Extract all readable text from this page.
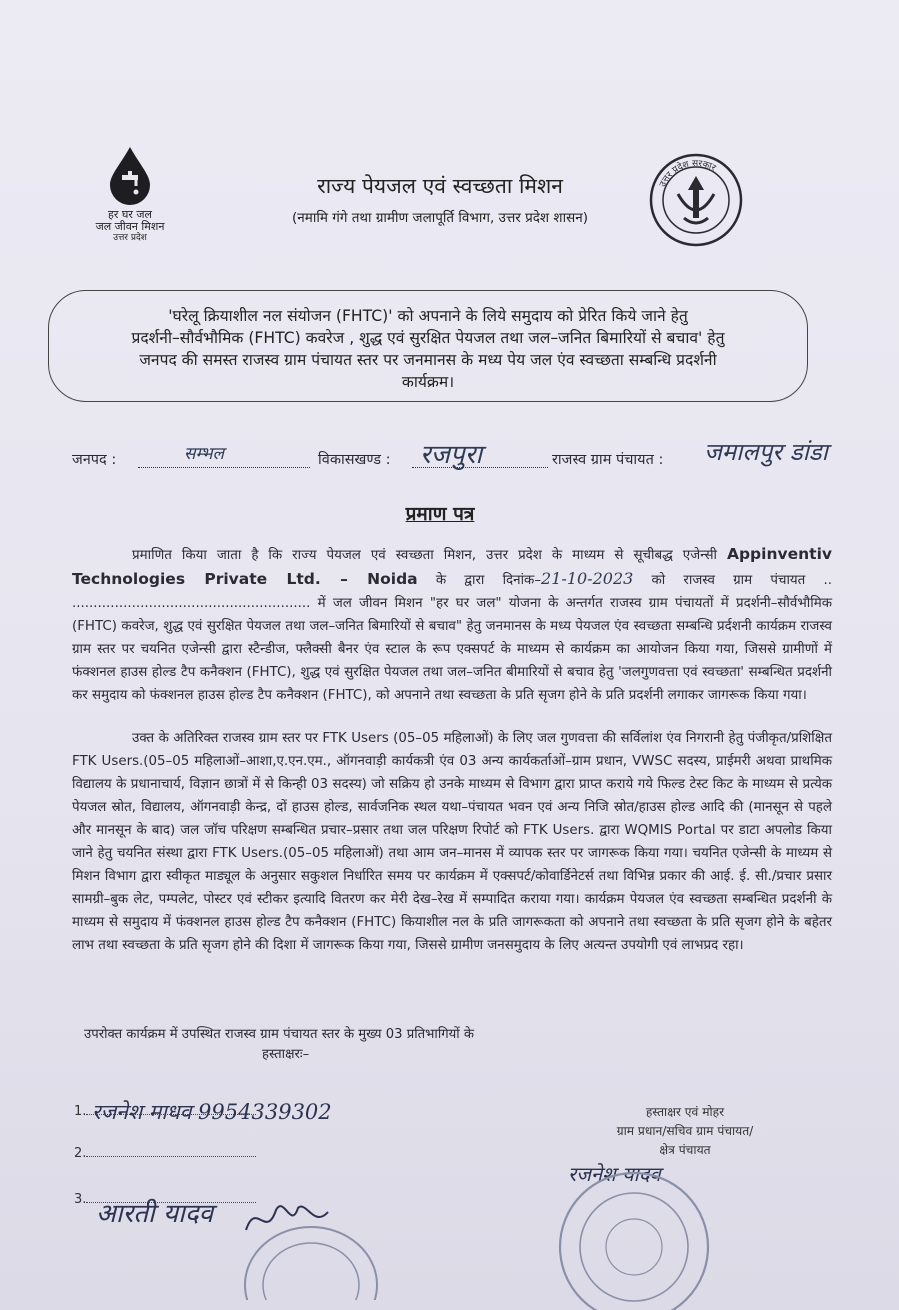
हर घर जल
जल जीवन मिशन
उत्तर प्रदेश
राज्य पेयजल एवं स्वच्छता मिशन
(नमामि गंगे तथा ग्रामीण जलापूर्ति विभाग, उत्तर प्रदेश शासन)
उत्तर प्रदेश सरकार
'घरेलू क्रियाशील नल संयोजन (FHTC)' को अपनाने के लिये समुदाय को प्रेरित किये जाने हेतु
प्रदर्शनी–सौर्वभौमिक (FHTC) कवरेज , शुद्ध एवं सुरक्षित पेयजल तथा जल–जनित बिमारियों से बचाव' हेतु
जनपद की समस्त राजस्व ग्राम पंचायत स्तर पर जनमानस के मध्य पेय जल एंव स्वच्छता सम्बन्धि प्रदर्शनी
कार्यक्रम।
जनपद :	सम्भल	विकासखण्ड : रजपुरा	राजस्व ग्राम पंचायत : जमालपुर डांडा
प्रमाण पत्र
प्रमाणित किया जाता है कि राज्य पेयजल एवं स्वच्छता मिशन, उत्तर प्रदेश के माध्यम से सूचीबद्ध एजेन्सी Appinventiv Technologies Private Ltd. – Noida के द्वारा दिनांक–21-10-2023 को राजस्व ग्राम पंचायत .. ........................................................ में जल जीवन मिशन "हर घर जल" योजना के अन्तर्गत राजस्व ग्राम पंचायतों में प्रदर्शनी–सौर्वभौमिक (FHTC) कवरेज, शुद्ध एवं सुरक्षित पेयजल तथा जल–जनित बिमारियों से बचाव" हेतु जनमानस के मध्य पेयजल एंव स्वच्छता सम्बन्धि प्रर्दशनी कार्यक्रम राजस्व ग्राम स्तर पर चयनित एजेन्सी द्वारा स्टैन्डीज, फ्लैक्सी बैनर एंव स्टाल के रूप एक्सपर्ट के माध्यम से कार्यक्रम का आयोजन किया गया, जिससे ग्रामीणों में फंक्शनल हाउस होल्ड टैप कनैक्शन (FHTC), शुद्ध एवं सुरक्षित पेयजल तथा जल–जनित बीमारियों से बचाव हेतु 'जलगुणवत्ता एवं स्वच्छता' सम्बन्धित प्रदर्शनी कर समुदाय को फंक्शनल हाउस होल्ड टैप कनैक्शन (FHTC), को अपनाने तथा स्वच्छता के प्रति सृजग होने के प्रति प्रदर्शनी लगाकर जागरूक किया गया।
उक्त के अतिरिक्त राजस्व ग्राम स्तर पर FTK Users (05–05 महिलाओं) के लिए जल गुणवत्ता की सर्विलांश एंव निगरानी हेतु पंजीकृत/प्रशिक्षित FTK Users.(05–05 महिलाओं–आशा,ए.एन.एम., ऑगनवाड़ी कार्यकत्री एंव 03 अन्य कार्यकर्ताओं–ग्राम प्रधान, VWSC सदस्य, प्राईमरी अथवा प्राथमिक विद्यालय के प्रधानाचार्य, विज्ञान छात्रों में से किन्ही 03 सदस्य) जो सक्रिय हो उनके माध्यम से विभाग द्वारा प्राप्त कराये गये फिल्ड टेस्ट किट के माध्यम से प्रत्येक पेयजल स्रोत, विद्यालय, ऑगनवाड़ी केन्द्र, दों हाउस होल्ड, सार्वजनिक स्थल यथा–पंचायत भवन एवं अन्य निजि स्रोत/हाउस होल्ड आदि की (मानसून से पहले और मानसून के बाद) जल जॉच परिक्षण सम्बन्धित प्रचार–प्रसार तथा जल परिक्षण रिपोर्ट को FTK Users. द्वारा WQMIS Portal पर डाटा अपलोड किया जाने हेतु चयनित संस्था द्वारा FTK Users.(05–05 महिलाओं) तथा आम जन–मानस में व्यापक स्तर पर जागरूक किया गया। चयनित एजेन्सी के माध्यम से मिशन विभाग द्वारा स्वीकृत माड्यूल के अनुसार सकुशल निर्धारित समय पर कार्यक्रम में एक्सपर्ट/कोवार्डिनेटर्स तथा विभिन्न प्रकार की आई. ई. सी./प्रचार प्रसार सामग्री–बुक लेट, पम्पलेट, पोस्टर एवं स्टीकर इत्यादि वितरण कर मेरी देख–रेख में सम्पादित कराया गया। कार्यक्रम पेयजल एंव स्वच्छता सम्बन्धित प्रदर्शनी के माध्यम से समुदाय में फंक्शनल हाउस होल्ड टैप कनैक्शन (FHTC) कियाशील नल के प्रति जागरूकता को अपनाने तथा स्वच्छता के प्रति सृजग होने के बहेतर लाभ तथा स्वच्छता के प्रति सृजग होने की दिशा में जागरूक किया गया, जिससे ग्रामीण जनसमुदाय के लिए अत्यन्त उपयोगी एवं लाभप्रद रहा।
उपरोक्त कार्यक्रम में उपस्थित राजस्व ग्राम पंचायत स्तर के मुख्य 03 प्रतिभागियों के
हस्ताक्षरः–
1. रजनेश माधव 9954339302
2.
3. आरती यादव
हस्ताक्षर एवं मोहर
ग्राम प्रधान/सचिव ग्राम पंचायत/
क्षेत्र पंचायत
रजनेश यादव
